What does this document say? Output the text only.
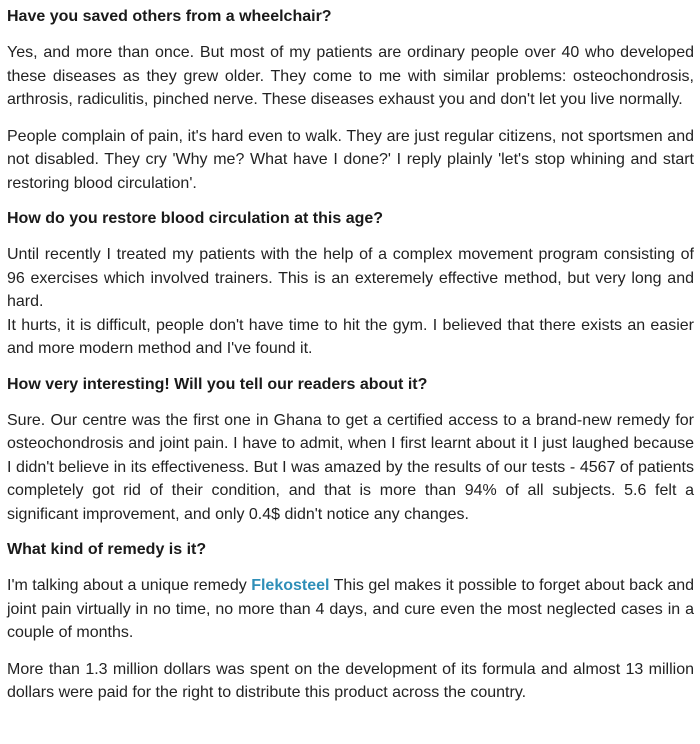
Have you saved others from a wheelchair?
Yes, and more than once. But most of my patients are ordinary people over 40 who developed these diseases as they grew older. They come to me with similar problems: osteochondrosis, arthrosis, radiculitis, pinched nerve. These diseases exhaust you and don't let you live normally.
People complain of pain, it's hard even to walk. They are just regular citizens, not sportsmen and not disabled. They cry 'Why me? What have I done?' I reply plainly 'let's stop whining and start restoring blood circulation'.
How do you restore blood circulation at this age?
Until recently I treated my patients with the help of a complex movement program consisting of 96 exercises which involved trainers. This is an exteremely effective method, but very long and hard.
It hurts, it is difficult, people don't have time to hit the gym. I believed that there exists an easier and more modern method and I've found it.
How very interesting! Will you tell our readers about it?
Sure. Our centre was the first one in Ghana to get a certified access to a brand-new remedy for osteochondrosis and joint pain. I have to admit, when I first learnt about it I just laughed because I didn't believe in its effectiveness. But I was amazed by the results of our tests - 4567 of patients completely got rid of their condition, and that is more than 94% of all subjects. 5.6 felt a significant improvement, and only 0.4$ didn't notice any changes.
What kind of remedy is it?
I'm talking about a unique remedy Flekosteel This gel makes it possible to forget about back and joint pain virtually in no time, no more than 4 days, and cure even the most neglected cases in a couple of months.
More than 1.3 million dollars was spent on the development of its formula and almost 13 million dollars were paid for the right to distribute this product across the country.
